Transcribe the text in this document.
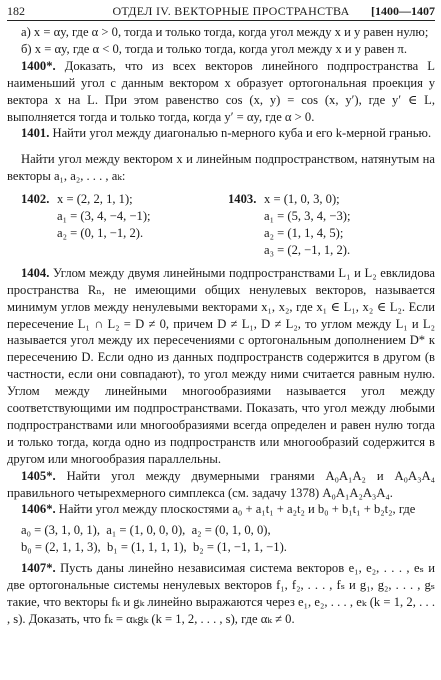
182	ОТДЕЛ IV. ВЕКТОРНЫЕ ПРОСТРАНСТВА	[1400—1407

а) x = αy, где α > 0, тогда и только тогда, когда угол между x и y равен нулю;

б) x = αy, где α < 0, тогда и только тогда, когда угол между x и y равен π.

1400*. Доказать, что из всех векторов линейного подпространства L наименьший угол с данным вектором x образует ортогональная проекция y вектора x на L. При этом равенство cos (x, y) = cos (x, y′), где y′ ∈ L, выполняется тогда и только тогда, когда y′ = αy, где α > 0.

1401. Найти угол между диагональю n-мерного куба и его k-мерной гранью.

Найти угол между вектором x и линейным подпространством, натянутым на векторы a₁, a₂, . . . , aₖ:

1402. x = (2, 2, 1, 1);
a₁ = (3, 4, −4, −1);
a₂ = (0, 1, −1, 2).
1403. x = (1, 0, 3, 0);
a₁ = (5, 3, 4, −3);
a₂ = (1, 1, 4, 5);
a₃ = (2, −1, 1, 2).

1404. Углом между двумя линейными подпространствами L₁ и L₂ евклидова пространства Rₙ, не имеющими общих ненулевых векторов, называется минимум углов между ненулевыми векторами x₁, x₂, где x₁ ∈ L₁, x₂ ∈ L₂. Если пересечение L₁ ∩ L₂ = D ≠ 0, причем D ≠ L₁, D ≠ L₂, то углом между L₁ и L₂ называется угол между их пересечениями с ортогональным дополнением D* к пересечению D. Если одно из данных подпространств содержится в другом (в частности, если они совпадают), то угол между ними считается равным нулю. Углом между линейными многообразиями называется угол между соответствующими им подпространствами. Показать, что угол между любыми подпространствами или многообразиями всегда определен и равен нулю тогда и только тогда, когда одно из подпространств или многообразий содержится в другом или многообразия параллельны.

1405*. Найти угол между двумерными гранями A₀A₁A₂ и A₀A₃A₄ правильного четырехмерного симплекса (см. задачу 1378) A₀A₁A₂A₃A₄.

1406*. Найти угол между плоскостями a₀ + a₁t₁ + a₂t₂ и b₀ + b₁t₁ + b₂t₂, где

a₀ = (3, 1, 0, 1), a₁ = (1, 0, 0, 0), a₂ = (0, 1, 0, 0),
b₀ = (2, 1, 1, 3), b₁ = (1, 1, 1, 1), b₂ = (1, −1, 1, −1).

1407*. Пусть даны линейно независимая система векторов e₁, e₂, . . . , eₛ и две ортогональные системы ненулевых векторов f₁, f₂, . . . , fₛ и g₁, g₂, . . . , gₛ такие, что векторы fₖ и gₖ линейно выражаются через e₁, e₂, . . . , eₖ (k = 1, 2, . . . , s). Доказать, что fₖ = αₖgₖ (k = 1, 2, . . . , s), где αₖ ≠ 0.
